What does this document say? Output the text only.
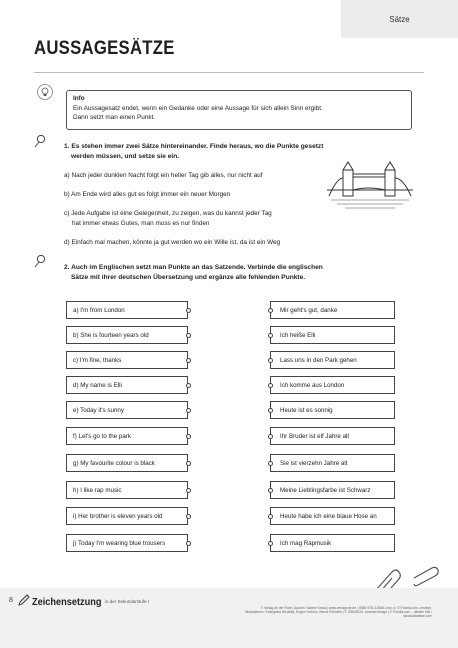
Sätze
AUSSAGESÄTZE
Info
Ein Aussagesatz endet, wenn ein Gedanke oder eine Aussage für sich allein Sinn ergibt.
Dann setzt man einen Punkt.
1. Es stehen immer zwei Sätze hintereinander. Finde heraus, wo die Punkte gesetzt
werden müssen, und setze sie ein.
a) Nach jeder dunklen Nacht folgt ein heller Tag gib alles, nur nicht auf
b) Am Ende wird alles gut es folgt immer ein neuer Morgen
c) Jede Aufgabe ist eine Gelegenheit, zu zeigen, was du kannst jeder Tag
hat immer etwas Gutes, man muss es nur finden
d) Einfach mal machen, könnte ja gut werden wo ein Wille ist, da ist ein Weg
2. Auch im Englischen setzt man Punkte an das Satzende. Verbinde die englischen
Sätze mit ihrer deutschen Übersetzung und ergänze alle fehlenden Punkte.
a) I'm from London
b) She is fourteen years old
c) I'm fine, thanks
d) My name is Elli
e) Today it's sunny
f) Let's go to the park
g) My favourite colour is black
h) I like rap music
i) Her brother is eleven years old
j) Today I'm wearing blue trousers
Mir geht's gut, danke
Ich heiße Elli
Lass uns in den Park gehen
Ich komme aus London
Heute ist es sonnig
Ihr Bruder ist elf Jahre alt
Sie ist vierzehn Jahre alt
Meine Lieblingsfarbe ist Schwarz
Heute habe ich eine blaue Hose an
Ich mag Rapmusik
8 Zeichensetzung in der Sekundarstufe I
© Verlag an der Ruhr | Autorin: Sabine Kraus | www.verlagruhr.de | ISBN 978-3-8346-xxxx-x | © Fotolia.com, creative,
Illustrationen: Evangelos Nikolidis, Eugen Vorbiec, Bernd Kühnlein | © ISBN2024, contrast design | © Fotolia.com – ullstein bild / stockdatabase.com
